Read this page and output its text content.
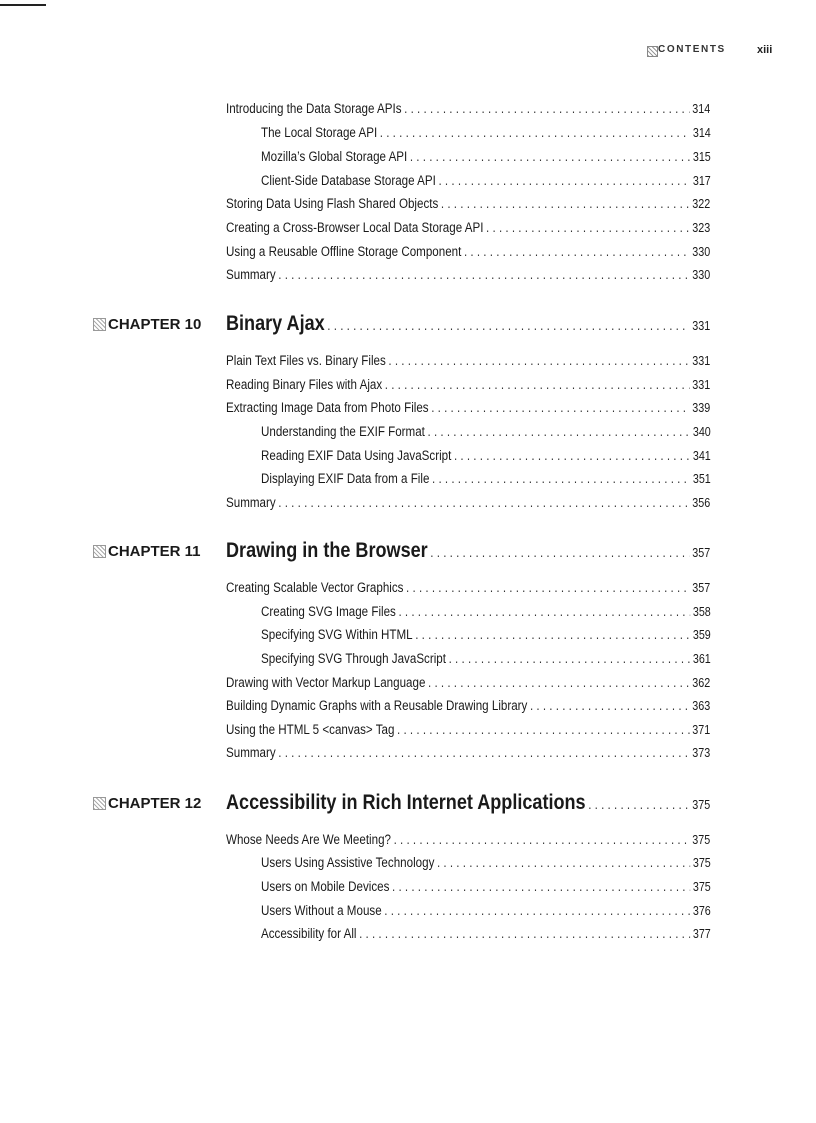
CONTENTS	xiii
Introducing the Data Storage APIs . . .	314
The Local Storage API . . .	314
Mozilla’s Global Storage API . . .	315
Client-Side Database Storage API . . .	317
Storing Data Using Flash Shared Objects . . .	322
Creating a Cross-Browser Local Data Storage API . . .	323
Using a Reusable Offline Storage Component . . .	330
Summary . . .	330
CHAPTER 10 Binary Ajax . . .	331
Plain Text Files vs. Binary Files . . .	331
Reading Binary Files with Ajax . . .	331
Extracting Image Data from Photo Files . . .	339
Understanding the EXIF Format . . .	340
Reading EXIF Data Using JavaScript . . .	341
Displaying EXIF Data from a File . . .	351
Summary . . .	356
CHAPTER 11 Drawing in the Browser . . .	357
Creating Scalable Vector Graphics . . .	357
Creating SVG Image Files . . .	358
Specifying SVG Within HTML . . .	359
Specifying SVG Through JavaScript . . .	361
Drawing with Vector Markup Language . . .	362
Building Dynamic Graphs with a Reusable Drawing Library . . .	363
Using the HTML 5 <canvas> Tag . . .	371
Summary . . .	373
CHAPTER 12 Accessibility in Rich Internet Applications . . .	375
Whose Needs Are We Meeting? . . .	375
Users Using Assistive Technology . . .	375
Users on Mobile Devices . . .	375
Users Without a Mouse . . .	376
Accessibility for All . . .	377
